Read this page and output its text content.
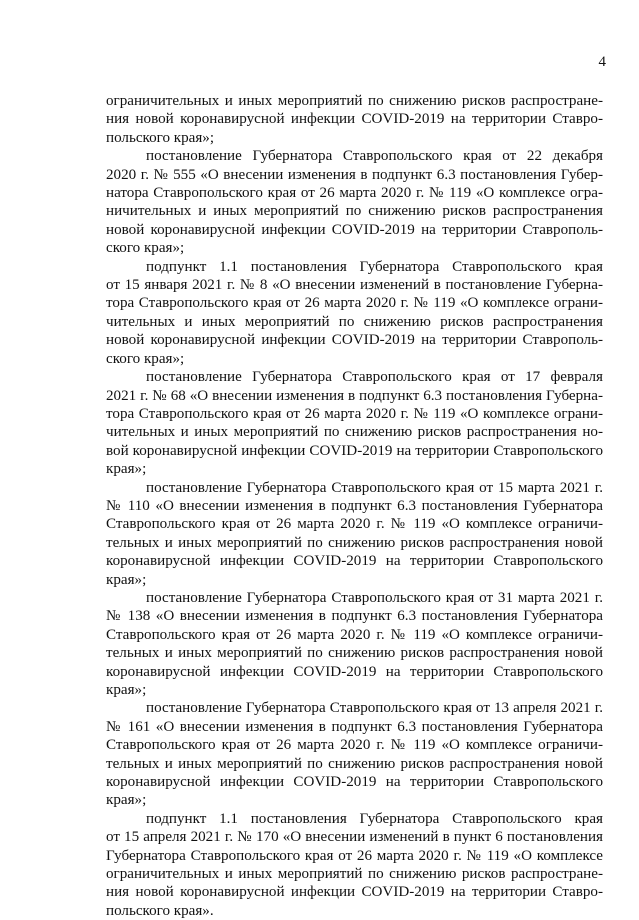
4
ограничительных и иных мероприятий по снижению рисков распростране-
ния новой коронавирусной инфекции COVID-2019 на территории Ставро-
польского края»;
постановление Губернатора Ставропольского края от 22 декабря
2020 г. № 555 «О внесении изменения в подпункт 6.3 постановления Губер-
натора Ставропольского края от 26 марта 2020 г. № 119 «О комплексе огра-
ничительных и иных мероприятий по снижению рисков распространения
новой коронавирусной инфекции COVID-2019 на территории Ставрополь-
ского края»;
подпункт 1.1 постановления Губернатора Ставропольского края
от 15 января 2021 г. № 8 «О внесении изменений в постановление Губерна-
тора Ставропольского края от 26 марта 2020 г. № 119 «О комплексе ограни-
чительных и иных мероприятий по снижению рисков распространения
новой коронавирусной инфекции COVID-2019 на территории Ставрополь-
ского края»;
постановление Губернатора Ставропольского края от 17 февраля
2021 г. № 68 «О внесении изменения в подпункт 6.3 постановления Губерна-
тора Ставропольского края от 26 марта 2020 г. № 119 «О комплексе ограни-
чительных и иных мероприятий по снижению рисков распространения но-
вой коронавирусной инфекции COVID-2019 на территории Ставропольского
края»;
постановление Губернатора Ставропольского края от 15 марта 2021 г.
№ 110 «О внесении изменения в подпункт 6.3 постановления Губернатора
Ставропольского края от 26 марта 2020 г. № 119 «О комплексе ограничи-
тельных и иных мероприятий по снижению рисков распространения новой
коронавирусной инфекции COVID-2019 на территории Ставропольского
края»;
постановление Губернатора Ставропольского края от 31 марта 2021 г.
№ 138 «О внесении изменения в подпункт 6.3 постановления Губернатора
Ставропольского края от 26 марта 2020 г. № 119 «О комплексе ограничи-
тельных и иных мероприятий по снижению рисков распространения новой
коронавирусной инфекции COVID-2019 на территории Ставропольского
края»;
постановление Губернатора Ставропольского края от 13 апреля 2021 г.
№ 161 «О внесении изменения в подпункт 6.3 постановления Губернатора
Ставропольского края от 26 марта 2020 г. № 119 «О комплексе ограничи-
тельных и иных мероприятий по снижению рисков распространения новой
коронавирусной инфекции COVID-2019 на территории Ставропольского
края»;
подпункт 1.1 постановления Губернатора Ставропольского края
от 15 апреля 2021 г. № 170 «О внесении изменений в пункт 6 постановления
Губернатора Ставропольского края от 26 марта 2020 г. № 119 «О комплексе
ограничительных и иных мероприятий по снижению рисков распростране-
ния новой коронавирусной инфекции COVID-2019 на территории Ставро-
польского края».
